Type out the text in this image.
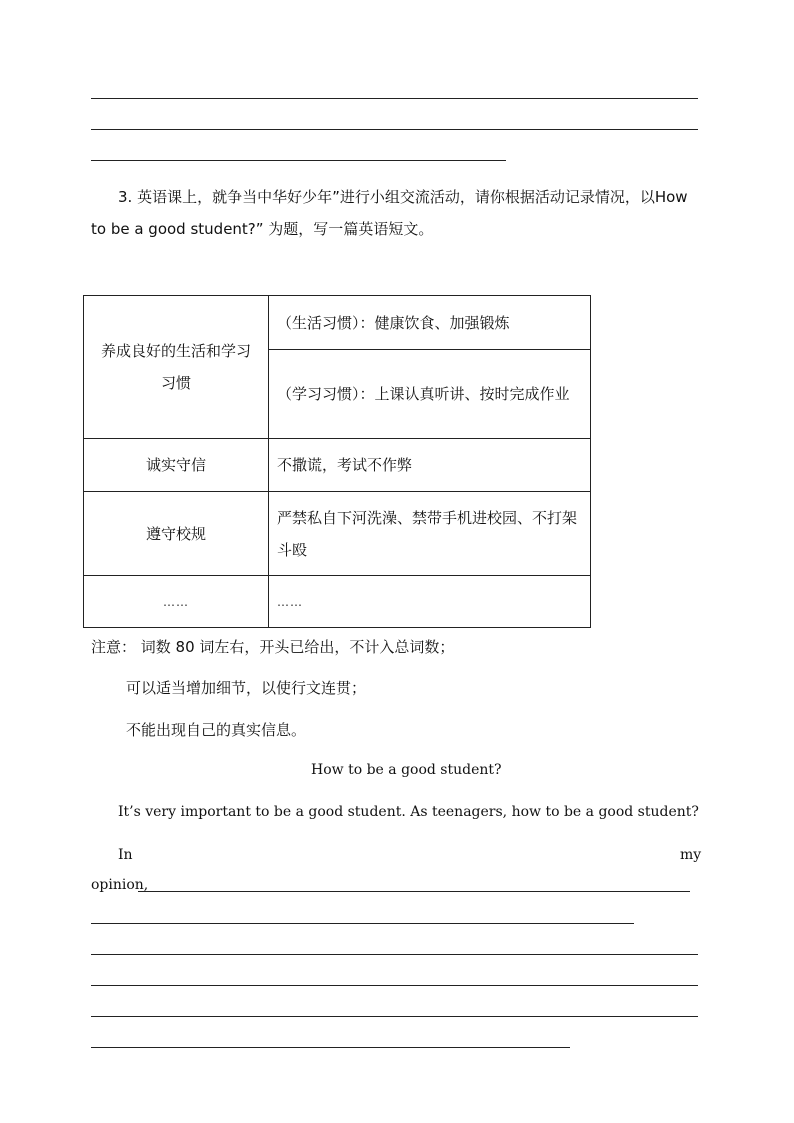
3. 英语课上，就争当中华好少年”进行小组交流活动，请你根据活动记录情况，以How
to be a good student?” 为题，写一篇英语短文。
养成良好的生活和学习习惯	（生活习惯）：健康饮食、加强锻炼
	（学习习惯）：上课认真听讲、按时完成作业
诚实守信	不撒谎，考试不作弊
遵守校规	严禁私自下河洗澡、禁带手机进校园、不打架斗殴
……	……
注意： 词数 80 词左右，开头已给出，不计入总词数；
可以适当增加细节，以使行文连贯；
不能出现自己的真实信息。
How to be a good student?
It’s very important to be a good student. As teenagers, how to be a good student?
In	my
opinion,
